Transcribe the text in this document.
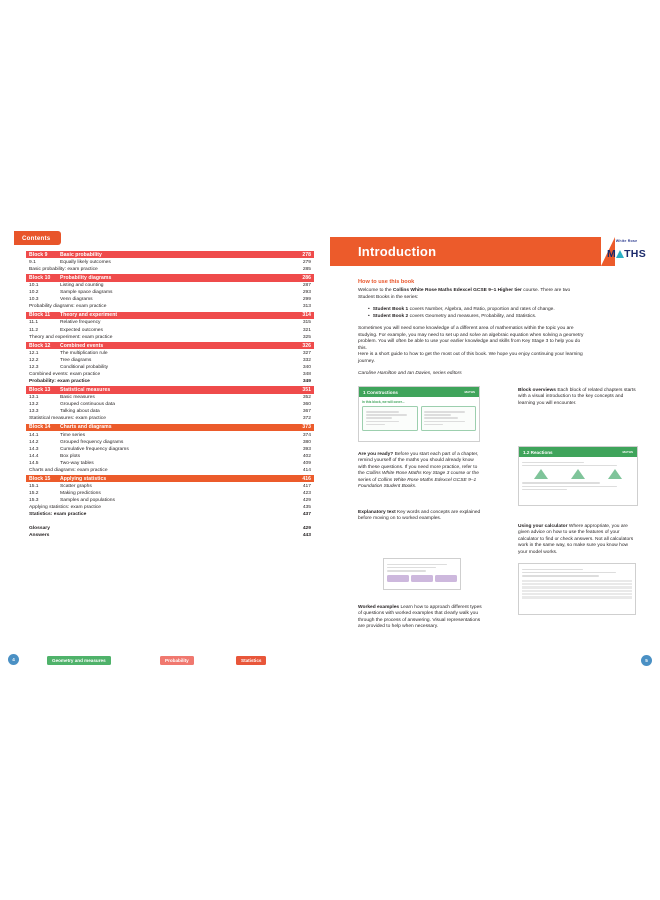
Contents
Block 9	Basic probability	278
9.1	Equally likely outcomes	279
Basic probability: exam practice	285
Block 10	Probability diagrams	286
10.1	Listing and counting	287
10.2	Sample space diagrams	293
10.3	Venn diagrams	299
Probability diagrams: exam practice	313
Block 11	Theory and experiment	314
11.1	Relative frequency	315
11.2	Expected outcomes	321
Theory and experiment: exam practice	325
Block 12	Combined events	326
12.1	The multiplication rule	327
12.2	Tree diagrams	332
12.3	Conditional probability	340
Combined events: exam practice	348
Probability: exam practice	349
Block 13	Statistical measures	351
13.1	Basic measures	352
13.2	Grouped continuous data	360
13.3	Talking about data	367
Statistical measures: exam practice	372
Block 14	Charts and diagrams	373
14.1	Time series	374
14.2	Grouped frequency diagrams	380
14.3	Cumulative frequency diagrams	393
14.4	Box plots	402
14.5	Two-way tables	409
Charts and diagrams: exam practice	414
Block 15	Applying statistics	416
15.1	Scatter graphs	417
15.2	Making predictions	423
15.3	Samples and populations	429
Applying statistics: exam practice	435
Statistics: exam practice	437
Glossary	429
Answers	443
4	Geometry and measures	Probability	Statistics
Introduction
White Rose
M THS
How to use this book
Welcome to the Collins White Rose Maths Edexcel GCSE 9–1 Higher tier course. There are two Student Books in the series:
• Student Book 1 covers Number, Algebra, and Ratio, proportion and rates of change.
• Student Book 2 covers Geometry and measures, Probability, and Statistics.
Sometimes you will need some knowledge of a different area of mathematics within the topic you are studying. For example, you may need to set up and solve an algebraic equation when solving a geometry problem. You will often be able to use your earlier knowledge and skills from Key Stage 3 to help you do this.
Here is a short guide to how to get the most out of this book. We hope you enjoy continuing your learning journey.
Caroline Hamilton and Ian Davies, series editors
1 Constructions	MATHS
In this block, we will cover...
1.2 Reactions	MATHS
Block overviews Each block of related chapters starts with a visual introduction to the key concepts and learning you will encounter.
Are you ready? Before you start each part of a chapter, remind yourself of the maths you should already know with these questions. If you need more practice, refer to the Collins White Rose Maths Key Stage 3 course or the series of Collins White Rose Maths Edexcel GCSE 9–1 Foundation Student Books.
Explanatory text Key words and concepts are explained before moving on to worked examples.
Using your calculator Where appropriate, you are given advice on how to use the features of your calculator to find or check answers. Not all calculators work in the same way, so make sure you know how your model works.
Worked examples Learn how to approach different types of questions with worked examples that clearly walk you through the process of answering. Visual representations are provided to help when necessary.
5
